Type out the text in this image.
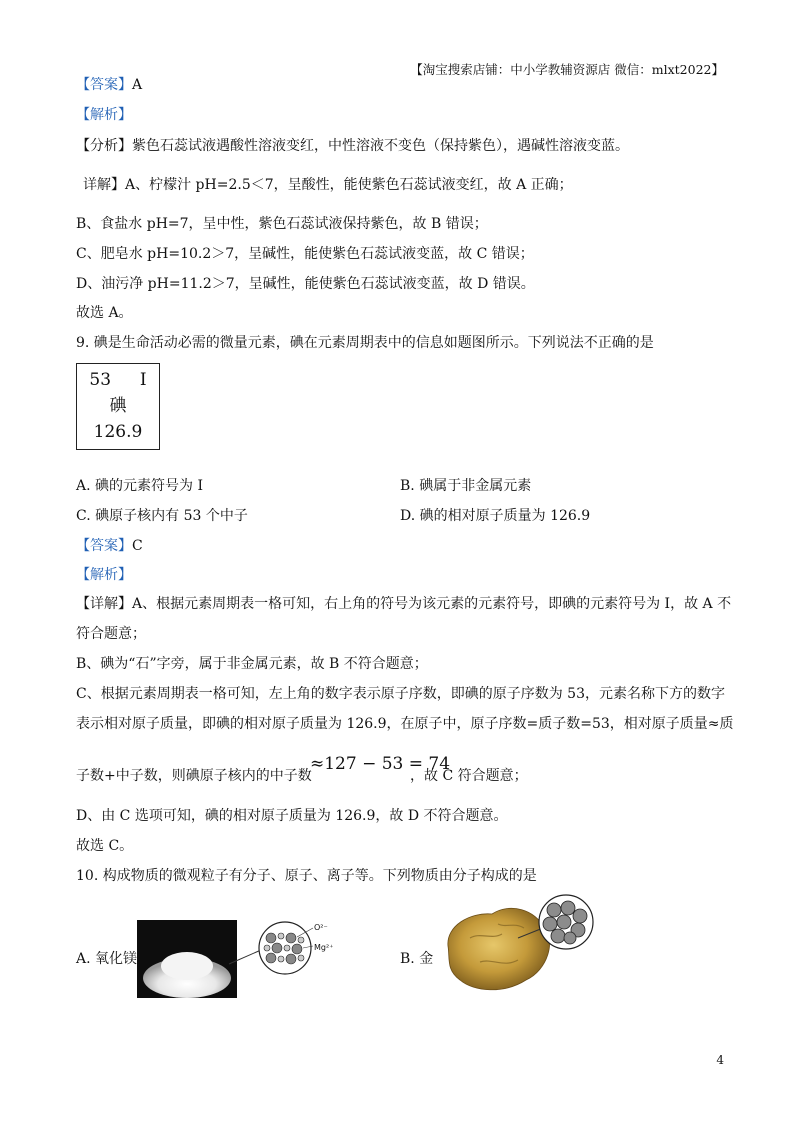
【淘宝搜索店铺：中小学教辅资源店 微信：mlxt2022】
【答案】A
【解析】
【分析】紫色石蕊试液遇酸性溶液变红，中性溶液不变色（保持紫色），遇碱性溶液变蓝。
详解】A、柠檬汁 pH=2.5＜7，呈酸性，能使紫色石蕊试液变红，故 A 正确；
B、食盐水 pH=7，呈中性，紫色石蕊试液保持紫色，故 B 错误；
C、肥皂水 pH=10.2＞7，呈碱性，能使紫色石蕊试液变蓝，故 C 错误；
D、油污净 pH=11.2＞7，呈碱性，能使紫色石蕊试液变蓝，故 D 错误。
故选 A。
9. 碘是生命活动必需的微量元素，碘在元素周期表中的信息如题图所示。下列说法不正确的是
53 I
碘
126.9
A. 碘的元素符号为 I	B. 碘属于非金属元素
C. 碘原子核内有 53 个中子	D. 碘的相对原子质量为 126.9
【答案】C
【解析】
【详解】A、根据元素周期表一格可知，右上角的符号为该元素的元素符号，即碘的元素符号为 I，故 A 不
符合题意；
B、碘为“石”字旁，属于非金属元素，故 B 不符合题意；
C、根据元素周期表一格可知，左上角的数字表示原子序数，即碘的原子序数为 53，元素名称下方的数字
表示相对原子质量，即碘的相对原子质量为 126.9，在原子中，原子序数=质子数=53，相对原子质量≈质
子数+中子数，则碘原子核内的中子数
≈127 − 53 = 74
，故 C 符合题意；
D、由 C 选项可知，碘的相对原子质量为 126.9，故 D 不符合题意。
故选 C。
10. 构成物质的微观粒子有分子、原子、离子等。下列物质由分子构成的是
A. 氧化镁
O²⁻
Mg²⁺
B. 金
4
